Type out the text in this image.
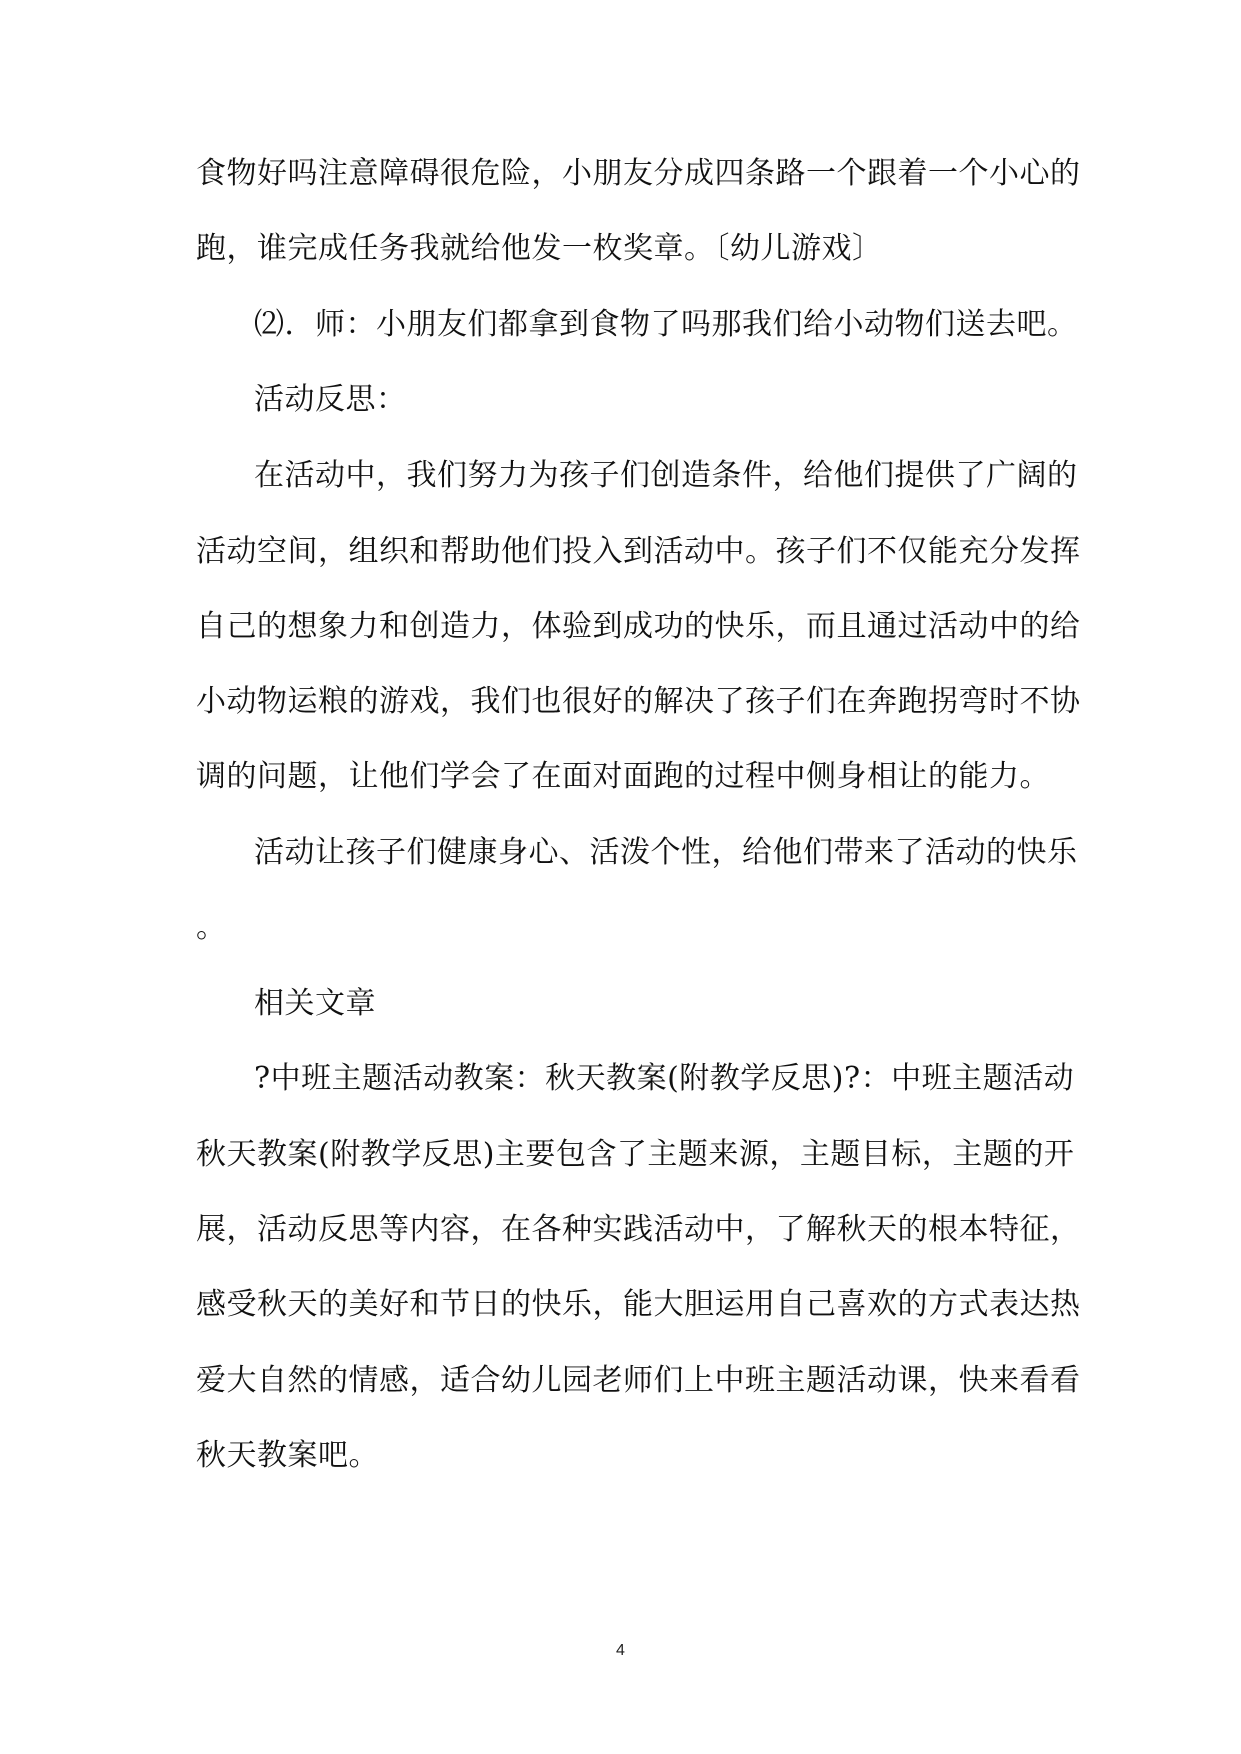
食物好吗注意障碍很危险，小朋友分成四条路一个跟着一个小心的
跑，谁完成任务我就给他发一枚奖章。〔幼儿游戏〕
⑵．师：小朋友们都拿到食物了吗那我们给小动物们送去吧。
活动反思：
在活动中，我们努力为孩子们创造条件，给他们提供了广阔的
活动空间，组织和帮助他们投入到活动中。孩子们不仅能充分发挥
自己的想象力和创造力，体验到成功的快乐，而且通过活动中的给
小动物运粮的游戏，我们也很好的解决了孩子们在奔跑拐弯时不协
调的问题，让他们学会了在面对面跑的过程中侧身相让的能力。
活动让孩子们健康身心、活泼个性，给他们带来了活动的快乐
。
相关文章
?中班主题活动教案：秋天教案(附教学反思)?：中班主题活动
秋天教案(附教学反思)主要包含了主题来源，主题目标，主题的开
展，活动反思等内容，在各种实践活动中，了解秋天的根本特征，
感受秋天的美好和节日的快乐，能大胆运用自己喜欢的方式表达热
爱大自然的情感，适合幼儿园老师们上中班主题活动课，快来看看
秋天教案吧。
4
